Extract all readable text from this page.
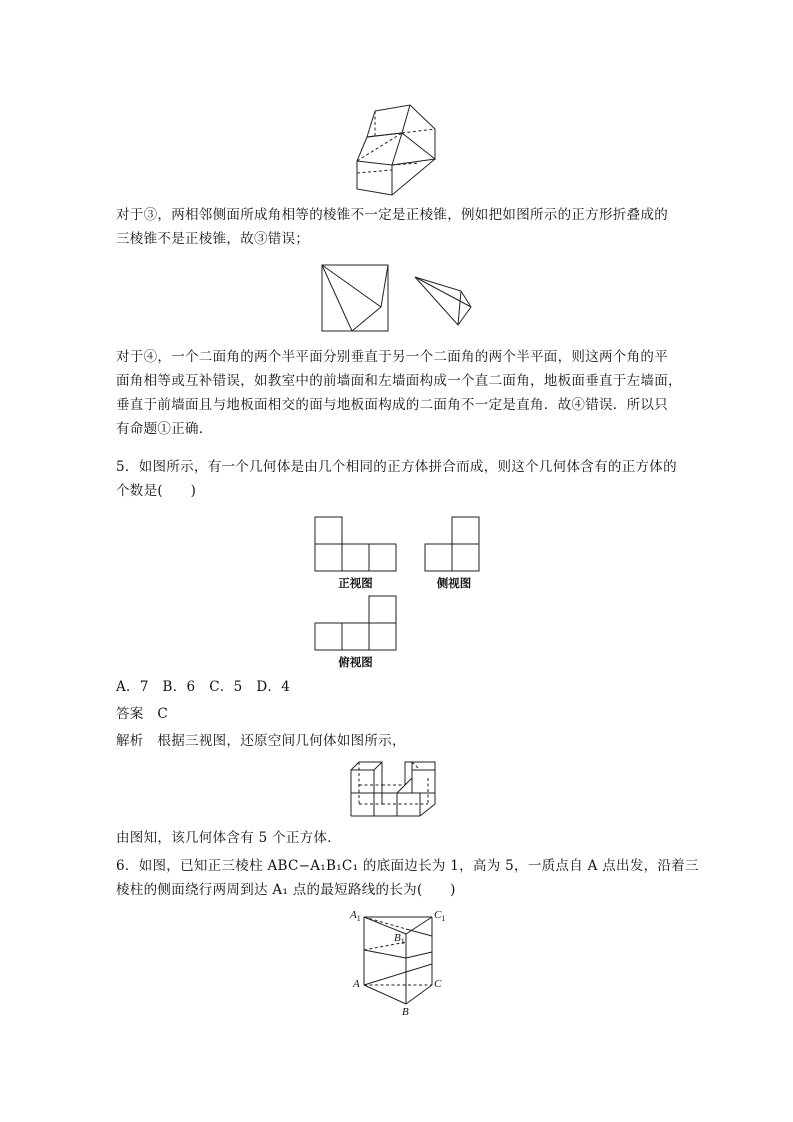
对于③，两相邻侧面所成角相等的棱锥不一定是正棱锥，例如把如图所示的正方形折叠成的
三棱锥不是正棱锥，故③错误；
对于④，一个二面角的两个半平面分别垂直于另一个二面角的两个半平面，则这两个角的平
面角相等或互补错误，如教室中的前墙面和左墙面构成一个直二面角，地板面垂直于左墙面，
垂直于前墙面且与地板面相交的面与地板面构成的二面角不一定是直角．故④错误．所以只
有命题①正确．
5．如图所示，有一个几何体是由几个相同的正方体拼合而成，则这个几何体含有的正方体的
个数是(　　)
正视图	侧视图
俯视图
A．7　B．6　C．5　D．4
答案　 C
解析　 根据三视图，还原空间几何体如图所示，
由图知，该几何体含有 5 个正方体．
6．如图，已知正三棱柱 ABC−A₁B₁C₁ 的底面边长为 1，高为 5，一质点自 A 点出发，沿着三
棱柱的侧面绕行两周到达 A₁ 点的最短路线的长为(　　)
$A_1$	$C_1$
$B_1$
A	C
B
